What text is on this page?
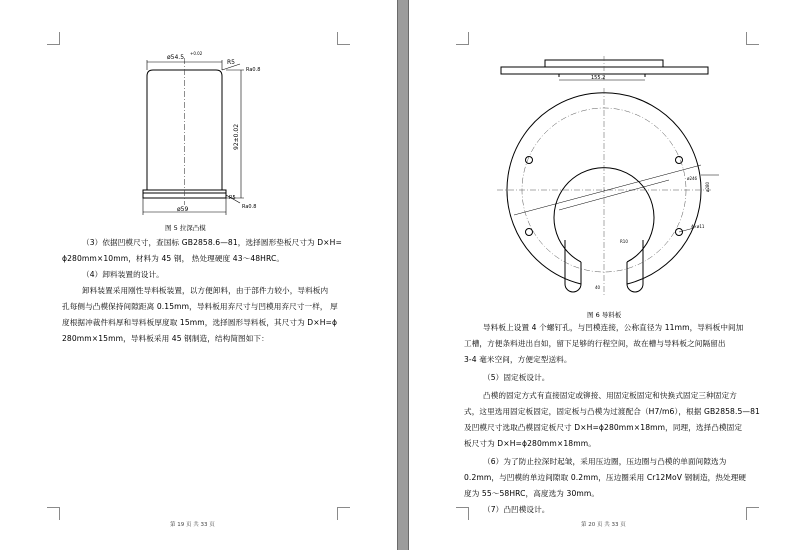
ø54.5
+0.02
R5
Ra0.8
92±0.02
R5
Ra0.8
ø59
图 5 拉深凸模
（3）依据凹模尺寸，查国标 GB2858.6—81，选择圆形垫板尺寸为 D×H=
ɸ280mm×10mm，材料为 45 钢， 热处理硬度 43～48HRC。
（4）卸料装置的设计。
卸料装置采用刚性导料板装置，以方便卸料，由于部件力较小，导料板内
孔每侧与凸模保持间隙距离 0.15mm，导料板用弃尺寸与凹模用弃尺寸一样， 厚
度根据冲裁件料厚和导料板厚度取 15mm，选择圆形导料板，其尺寸为 D×H=ɸ
280mm×15mm，导料板采用 45 钢制造，结构简图如下：
第 19 页 共 33 页
155.2
ø246
ø280
4×ø11
R10
40
图 6 导料板
导料板上设置 4 个螺钉孔，与凹模连接，公称直径为 11mm，导料板中间加
工槽，方便条料进出自如，留下足够的行程空间，故在槽与导料板之间隔留出
3-4 毫米空间，方便定型送料。
（5）固定板设计。
凸模的固定方式有直接固定或铆接、用固定板固定和快换式固定三种固定方
式，这里选用固定板固定，固定板与凸模为过渡配合（H7/m6），根据 GB2858.5—81
及凹模尺寸选取凸模固定板尺寸 D×H=ɸ280mm×18mm，同理，选择凸模固定
板尺寸为 D×H=ɸ280mm×18mm。
（6）为了防止拉深时起皱，采用压边圈，压边圈与凸模的单面间隙选为
0.2mm，与凹模的单边间隙取 0.2mm，压边圈采用 Cr12MoV 钢制造，热处理硬
度为 55～58HRC，高度选为 30mm。
（7）凸凹模设计。
第 20 页 共 33 页
